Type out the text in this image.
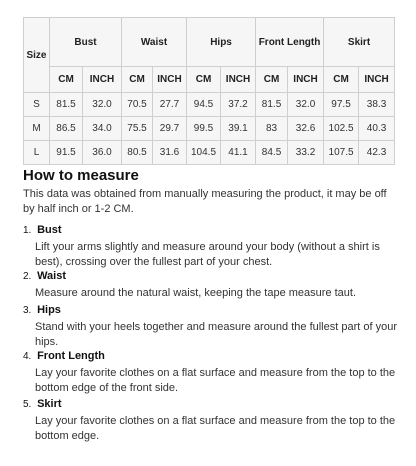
Size	Bust		Waist		Hips		Front Length		Skirt	
	CM	INCH	CM	INCH	CM	INCH	CM	INCH	CM	INCH
S	81.5	32.0	70.5	27.7	94.5	37.2	81.5	32.0	97.5	38.3
M	86.5	34.0	75.5	29.7	99.5	39.1	83	32.6	102.5	40.3
L	91.5	36.0	80.5	31.6	104.5	41.1	84.5	33.2	107.5	42.3
How to measure

This data was obtained from manually measuring the product, it may be off by half inch or 1-2 CM.

1. Bust

Lift your arms slightly and measure around your body (without a shirt is best), crossing over the fullest part of your chest.

2. Waist

Measure around the natural waist, keeping the tape measure taut.

3. Hips

Stand with your heels together and measure around the fullest part of your hips.

4. Front Length

Lay your favorite clothes on a flat surface and measure from the top to the bottom edge of the front side.

5. Skirt

Lay your favorite clothes on a flat surface and measure from the top to the bottom edge.
